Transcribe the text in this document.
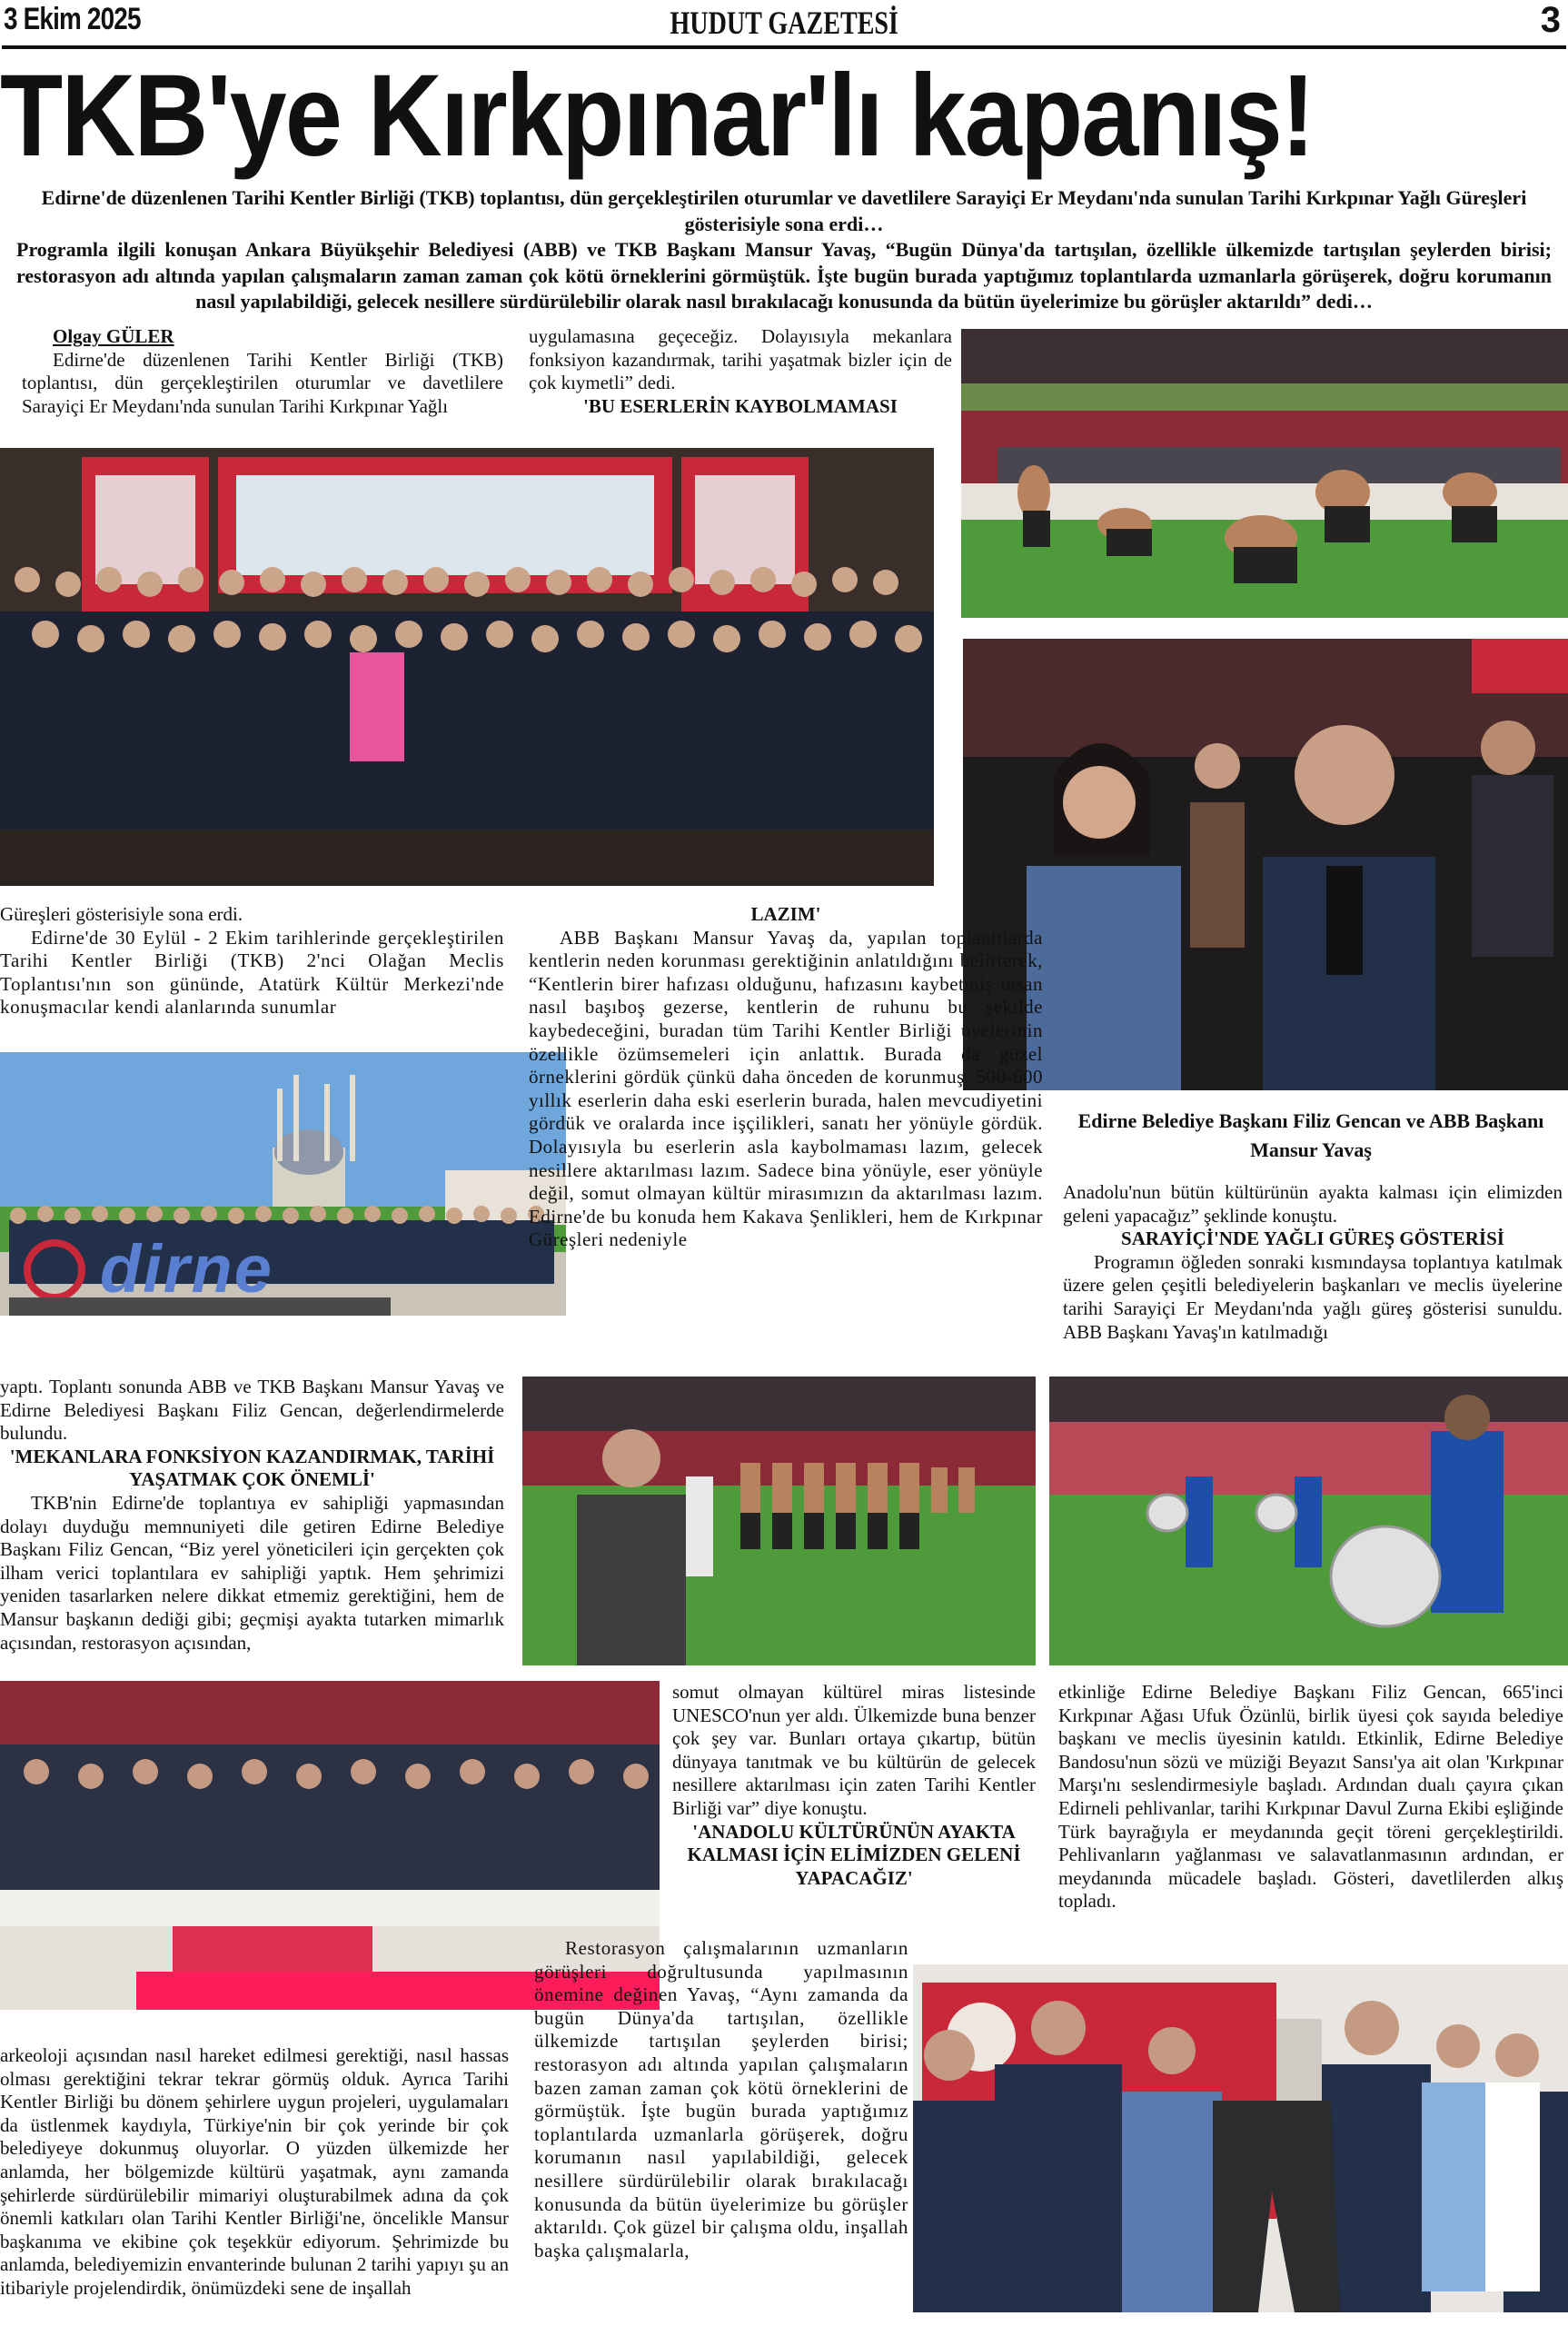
3 Ekim 2025	HUDUT GAZETESİ	3
TKB'ye Kırkpınar'lı kapanış!

Edirne'de düzenlenen Tarihi Kentler Birliği (TKB) toplantısı, dün gerçekleştirilen oturumlar ve davetlilere Sarayiçi Er Meydanı'nda sunulan Tarihi Kırkpınar Yağlı Güreşleri gösterisiyle sona erdi…

Programla ilgili konuşan Ankara Büyükşehir Belediyesi (ABB) ve TKB Başkanı Mansur Yavaş, “Bugün Dünya'da tartışılan, özellikle ülkemizde tartışılan şeylerden birisi; restorasyon adı altında yapılan çalışmaların zaman zaman çok kötü örneklerini görmüştük. İşte bugün burada yaptığımız toplantılarda uzmanlarla görüşerek, doğru korumanın nasıl yapılabildiği, gelecek nesillere sürdürülebilir olarak nasıl bırakılacağı konusunda da bütün üyelerimize bu görüşler aktarıldı” dedi…

Olgay GÜLER

Edirne'de düzenlenen Tarihi Kentler Birliği (TKB) toplantısı, dün gerçekleştirilen oturumlar ve davetlilere Sarayiçi Er Meydanı'nda sunulan Tarihi Kırkpınar Yağlı

uygulamasına geçeceğiz. Dolayısıyla mekanlara fonksiyon kazandırmak, tarihi yaşatmak bizler için de çok kıymetli” dedi.

'BU ESERLERİN KAYBOLMAMASI

Güreşleri gösterisiyle sona erdi.

Edirne'de 30 Eylül - 2 Ekim tarihlerinde gerçekleştirilen Tarihi Kentler Birliği (TKB) 2'nci Olağan Meclis Toplantısı'nın son gününde, Atatürk Kültür Merkezi'nde konuşmacılar kendi alanlarında sunumlar

dirne

LAZIM'

ABB Başkanı Mansur Yavaş da, yapılan toplantılarda kentlerin neden korunması gerektiğinin anlatıldığını belirterek, “Kentlerin birer hafızası olduğunu, hafızasını kaybetmiş insan nasıl başıboş gezerse, kentlerin de ruhunu bu şekilde kaybedeceğini, buradan tüm Tarihi Kentler Birliği üyelerinin özellikle özümsemeleri için anlattık. Burada da güzel örneklerini gördük çünkü daha önceden de korunmuş, 500-600 yıllık eserlerin daha eski eserlerin burada, halen mevcudiyetini gördük ve oralarda ince işçilikleri, sanatı her yönüyle gördük. Dolayısıyla bu eserlerin asla kaybolmaması lazım, gelecek nesillere aktarılması lazım. Sadece bina yönüyle, eser yönüyle değil, somut olmayan kültür mirasımızın da aktarılması lazım. Edirne'de bu konuda hem Kakava Şenlikleri, hem de Kırkpınar Güreşleri nedeniyle

Edirne Belediye Başkanı Filiz Gencan ve ABB Başkanı Mansur Yavaş

Anadolu'nun bütün kültürünün ayakta kalması için elimizden geleni yapacağız” şeklinde konuştu.

SARAYİÇİ'NDE YAĞLI GÜREŞ GÖSTERİSİ

Programın öğleden sonraki kısmındaysa toplantıya katılmak üzere gelen çeşitli belediyelerin başkanları ve meclis üyelerine tarihi Sarayiçi Er Meydanı'nda yağlı güreş gösterisi sunuldu. ABB Başkanı Yavaş'ın katılmadığı

yaptı. Toplantı sonunda ABB ve TKB Başkanı Mansur Yavaş ve Edirne Belediyesi Başkanı Filiz Gencan, değerlendirmelerde bulundu.

'MEKANLARA FONKSİYON KAZANDIRMAK, TARİHİ YAŞATMAK ÇOK ÖNEMLİ'

TKB'nin Edirne'de toplantıya ev sahipliği yapmasından dolayı duyduğu memnuniyeti dile getiren Edirne Belediye Başkanı Filiz Gencan, “Biz yerel yöneticileri için gerçekten çok ilham verici toplantılara ev sahipliği yaptık. Hem şehrimizi yeniden tasarlarken nelere dikkat etmemiz gerektiğini, hem de Mansur başkanın dediği gibi; geçmişi ayakta tutarken mimarlık açısından, restorasyon açısından,

arkeoloji açısından nasıl hareket edilmesi gerektiği, nasıl hassas olması gerektiğini tekrar tekrar görmüş olduk. Ayrıca Tarihi Kentler Birliği bu dönem şehirlere uygun projeleri, uygulamaları da üstlenmek kaydıyla, Türkiye'nin bir çok yerinde bir çok belediyeye dokunmuş oluyorlar. O yüzden ülkemizde her anlamda, her bölgemizde kültürü yaşatmak, aynı zamanda şehirlerde sürdürülebilir mimariyi oluşturabilmek adına da çok önemli katkıları olan Tarihi Kentler Birliği'ne, öncelikle Mansur başkanıma ve ekibine çok teşekkür ediyorum. Şehrimizde bu anlamda, belediyemizin envanterinde bulunan 2 tarihi yapıyı şu an itibariyle projelendirdik, önümüzdeki sene de inşallah

somut olmayan kültürel miras listesinde UNESCO'nun yer aldı. Ülkemizde buna benzer çok şey var. Bunları ortaya çıkartıp, bütün dünyaya tanıtmak ve bu kültürün de gelecek nesillere aktarılması için zaten Tarihi Kentler Birliği var” diye konuştu.

'ANADOLU KÜLTÜRÜNÜN AYAKTA KALMASI İÇİN ELİMİZDEN GELENİ YAPACAĞIZ'

Restorasyon çalışmalarının uzmanların görüşleri doğrultusunda yapılmasının önemine değinen Yavaş, “Aynı zamanda da bugün Dünya'da tartışılan, özellikle ülkemizde tartışılan şeylerden birisi; restorasyon adı altında yapılan çalışmaların bazen zaman zaman çok kötü örneklerini de görmüştük. İşte bugün burada yaptığımız toplantılarda uzmanlarla görüşerek, doğru korumanın nasıl yapılabildiği, gelecek nesillere sürdürülebilir olarak bırakılacağı konusunda da bütün üyelerimize bu görüşler aktarıldı. Çok güzel bir çalışma oldu, inşallah başka çalışmalarla,

etkinliğe Edirne Belediye Başkanı Filiz Gencan, 665'inci Kırkpınar Ağası Ufuk Özünlü, birlik üyesi çok sayıda belediye başkanı ve meclis üyesinin katıldı. Etkinlik, Edirne Belediye Bandosu'nun sözü ve müziği Beyazıt Sansı'ya ait olan 'Kırkpınar Marşı'nı seslendirmesiyle başladı. Ardından dualı çayıra çıkan Edirneli pehlivanlar, tarihi Kırkpınar Davul Zurna Ekibi eşliğinde Türk bayrağıyla er meydanında geçit töreni gerçekleştirildi. Pehlivanların yağlanması ve salavatlanmasının ardından, er meydanında mücadele başladı. Gösteri, davetlilerden alkış topladı.
